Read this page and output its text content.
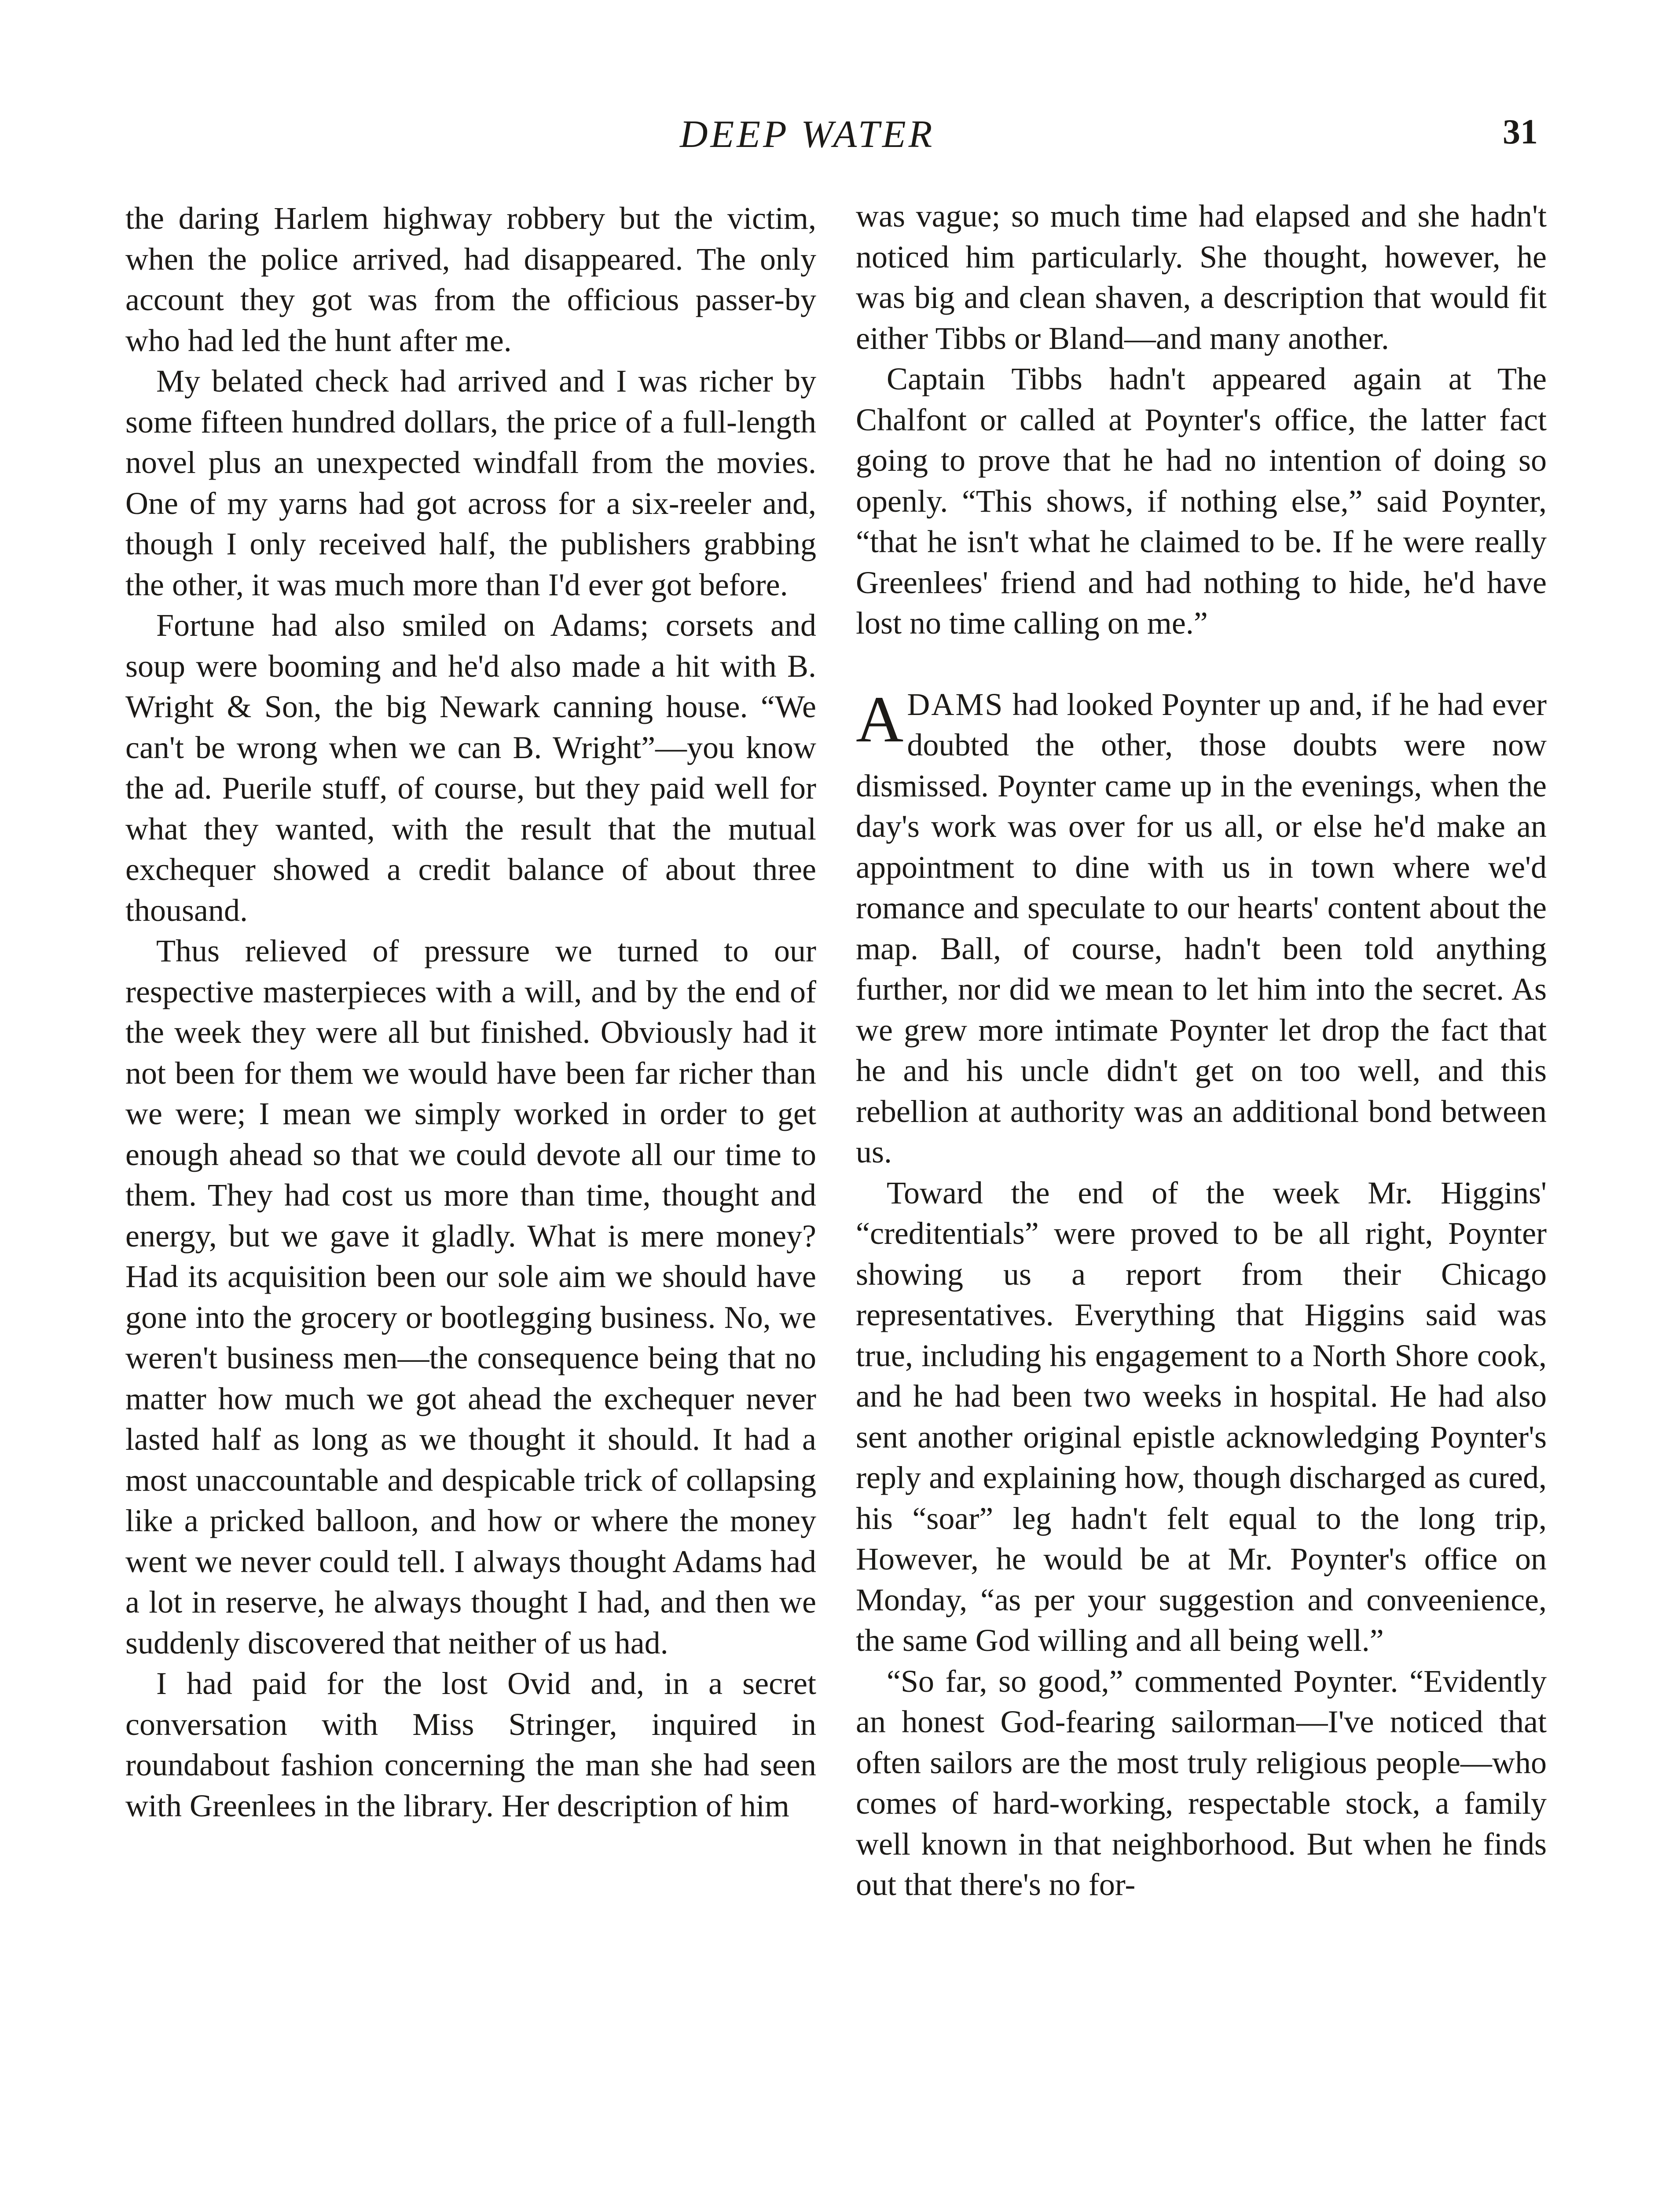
DEEP WATER	31

the daring Harlem highway robbery but the victim, when the police arrived, had disappeared. The only account they got was from the officious passer-by who had led the hunt after me.

My belated check had arrived and I was richer by some fifteen hundred dollars, the price of a full-length novel plus an unexpected windfall from the movies. One of my yarns had got across for a six-reeler and, though I only received half, the publishers grabbing the other, it was much more than I'd ever got before.

Fortune had also smiled on Adams; corsets and soup were booming and he'd also made a hit with B. Wright & Son, the big Newark canning house. “We can't be wrong when we can B. Wright”—you know the ad. Puerile stuff, of course, but they paid well for what they wanted, with the result that the mutual exchequer showed a credit balance of about three thousand.

Thus relieved of pressure we turned to our respective masterpieces with a will, and by the end of the week they were all but finished. Obviously had it not been for them we would have been far richer than we were; I mean we simply worked in order to get enough ahead so that we could devote all our time to them. They had cost us more than time, thought and energy, but we gave it gladly. What is mere money? Had its acquisition been our sole aim we should have gone into the grocery or bootlegging business. No, we weren't business men—the consequence being that no matter how much we got ahead the exchequer never lasted half as long as we thought it should. It had a most unaccountable and despicable trick of collapsing like a pricked balloon, and how or where the money went we never could tell. I always thought Adams had a lot in reserve, he always thought I had, and then we suddenly discovered that neither of us had.

I had paid for the lost Ovid and, in a secret conversation with Miss Stringer, inquired in roundabout fashion concerning the man she had seen with Greenlees in the library. Her description of him

was vague; so much time had elapsed and she hadn't noticed him particularly. She thought, however, he was big and clean shaven, a description that would fit either Tibbs or Bland—and many another.

Captain Tibbs hadn't appeared again at The Chalfont or called at Poynter's office, the latter fact going to prove that he had no intention of doing so openly. “This shows, if nothing else,” said Poynter, “that he isn't what he claimed to be. If he were really Greenlees' friend and had nothing to hide, he'd have lost no time calling on me.”

ADAMS had looked Poynter up and, if he had ever doubted the other, those doubts were now dismissed. Poynter came up in the evenings, when the day's work was over for us all, or else he'd make an appointment to dine with us in town where we'd romance and speculate to our hearts' content about the map. Ball, of course, hadn't been told anything further, nor did we mean to let him into the secret. As we grew more intimate Poynter let drop the fact that he and his uncle didn't get on too well, and this rebellion at authority was an additional bond between us.

Toward the end of the week Mr. Higgins' “creditentials” were proved to be all right, Poynter showing us a report from their Chicago representatives. Everything that Higgins said was true, including his engagement to a North Shore cook, and he had been two weeks in hospital. He had also sent another original epistle acknowledging Poynter's reply and explaining how, though discharged as cured, his “soar” leg hadn't felt equal to the long trip, However, he would be at Mr. Poynter's office on Monday, “as per your suggestion and conveenience, the same God willing and all being well.”

“So far, so good,” commented Poynter. “Evidently an honest God-fearing sailorman—I've noticed that often sailors are the most truly religious people—who comes of hard-working, respectable stock, a family well known in that neighborhood. But when he finds out that there's no for-
